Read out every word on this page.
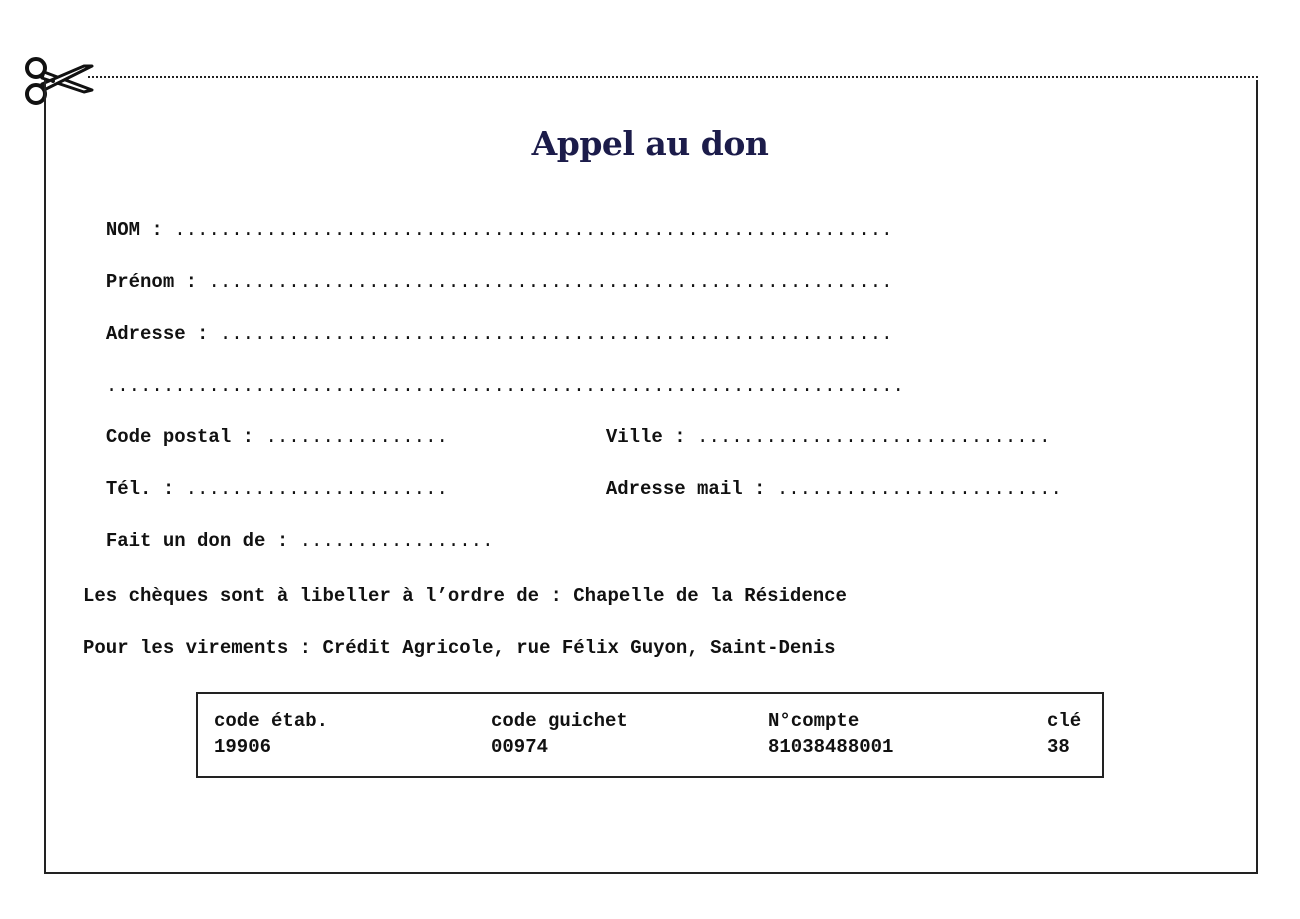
Appel au don

NOM : ...............................................................

Prénom : ............................................................

Adresse : ...........................................................

......................................................................

Code postal : ................	Ville : ...............................

Tél. : .......................	Adresse mail : .........................

Fait un don de : .................

Les chèques sont à libeller à l’ordre de : Chapelle de la Résidence
Pour les virements : Crédit Agricole, rue Félix Guyon, Saint-Denis
code étab.	code guichet	N°compte	clé
19906	00974	81038488001	38
